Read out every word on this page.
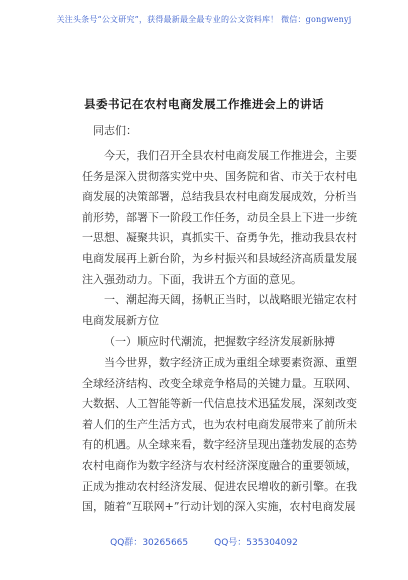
关注头条号“公文研究”，获得最新最全最专业的公文资料库！ 微信：gongwenyj
县委书记在农村电商发展工作推进会上的讲话
同志们：
今天，我们召开全县农村电商发展工作推进会，主要
任务是深入贯彻落实党中央、国务院和省、市关于农村电
商发展的决策部署，总结我县农村电商发展成效，分析当
前形势，部署下一阶段工作任务，动员全县上下进一步统
一思想、凝聚共识，真抓实干、奋勇争先，推动我县农村
电商发展再上新台阶，为乡村振兴和县域经济高质量发展
注入强劲动力。下面，我讲五个方面的意见。
一、潮起海天阔，扬帆正当时，以战略眼光锚定农村
电商发展新方位
（一）顺应时代潮流，把握数字经济发展新脉搏
当今世界，数字经济正成为重组全球要素资源、重塑
全球经济结构、改变全球竞争格局的关键力量。互联网、
大数据、人工智能等新一代信息技术迅猛发展，深刻改变
着人们的生产生活方式，也为农村电商发展带来了前所未
有的机遇。从全球来看，数字经济呈现出蓬勃发展的态势
农村电商作为数字经济与农村经济深度融合的重要领域，
正成为推动农村经济发展、促进农民增收的新引擎。在我
国，随着“互联网+”行动计划的深入实施，农村电商发展
QQ群：30265665	QQ号：535304092
